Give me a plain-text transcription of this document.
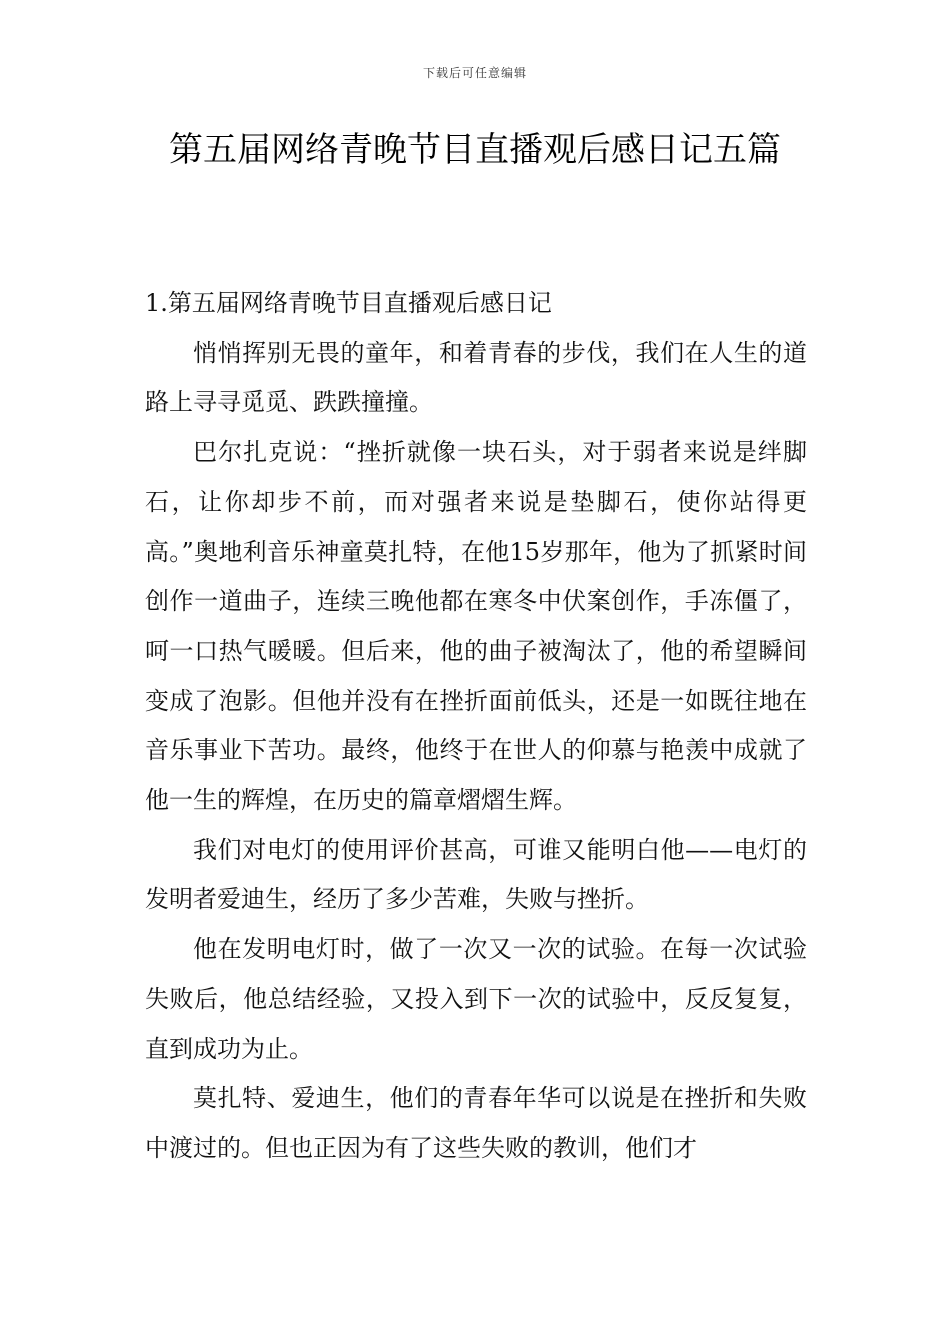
下载后可任意编辑
第五届网络青晚节目直播观后感日记五篇
1.第五届网络青晚节目直播观后感日记

悄悄挥别无畏的童年，和着青春的步伐，我们在人生的道路上寻寻觅觅、跌跌撞撞。

巴尔扎克说：“挫折就像一块石头，对于弱者来说是绊脚石，让你却步不前，而对强者来说是垫脚石，使你站得更高。”奥地利音乐神童莫扎特，在他15岁那年，他为了抓紧时间创作一道曲子，连续三晚他都在寒冬中伏案创作，手冻僵了，呵一口热气暖暖。但后来，他的曲子被淘汰了，他的希望瞬间变成了泡影。但他并没有在挫折面前低头，还是一如既往地在音乐事业下苦功。最终，他终于在世人的仰慕与艳羡中成就了他一生的辉煌，在历史的篇章熠熠生辉。

我们对电灯的使用评价甚高，可谁又能明白他——电灯的发明者爱迪生，经历了多少苦难，失败与挫折。

他在发明电灯时，做了一次又一次的试验。在每一次试验失败后，他总结经验，又投入到下一次的试验中，反反复复，直到成功为止。

莫扎特、爱迪生，他们的青春年华可以说是在挫折和失败中渡过的。但也正因为有了这些失败的教训，他们才
